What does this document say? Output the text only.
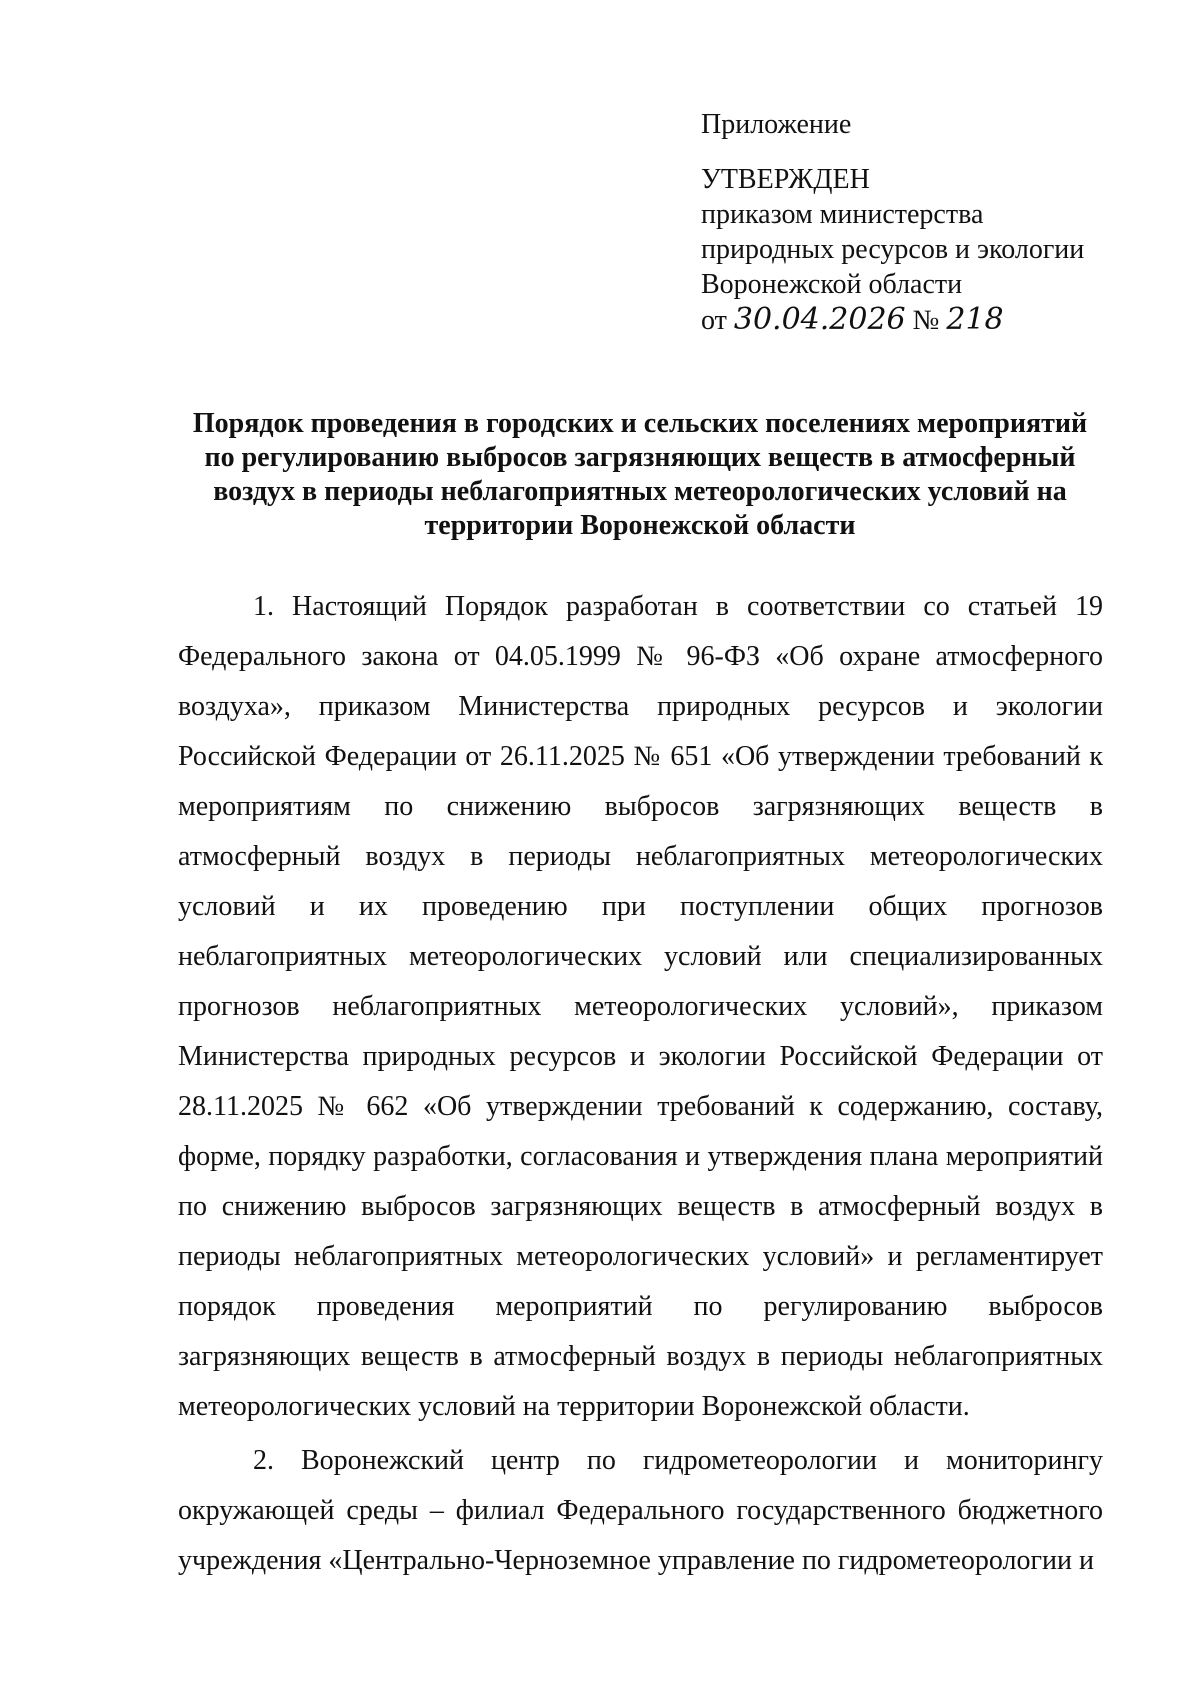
Приложение
УТВЕРЖДЕН
приказом министерства
природных ресурсов и экологии
Воронежской области
от 30.04.2026 № 218
Порядок проведения в городских и сельских поселениях мероприятий по регулированию выбросов загрязняющих веществ в атмосферный воздух в периоды неблагоприятных метеорологических условий на территории Воронежской области

1. Настоящий Порядок разработан в соответствии со статьей 19 Федерального закона от 04.05.1999 № 96-ФЗ «Об охране атмосферного воздуха», приказом Министерства природных ресурсов и экологии Российской Федерации от 26.11.2025 № 651 «Об утверждении требований к мероприятиям по снижению выбросов загрязняющих веществ в атмосферный воздух в периоды неблагоприятных метеорологических условий и их проведению при поступлении общих прогнозов неблагоприятных метеорологических условий или специализированных прогнозов неблагоприятных метеорологических условий», приказом Министерства природных ресурсов и экологии Российской Федерации от 28.11.2025 № 662 «Об утверждении требований к содержанию, составу, форме, порядку разработки, согласования и утверждения плана мероприятий по снижению выбросов загрязняющих веществ в атмосферный воздух в периоды неблагоприятных метеорологических условий» и регламентирует порядок проведения мероприятий по регулированию выбросов загрязняющих веществ в атмосферный воздух в периоды неблагоприятных метеорологических условий на территории Воронежской области.

2. Воронежский центр по гидрометеорологии и мониторингу окружающей среды – филиал Федерального государственного бюджетного учреждения «Центрально-Черноземное управление по гидрометеорологии и
